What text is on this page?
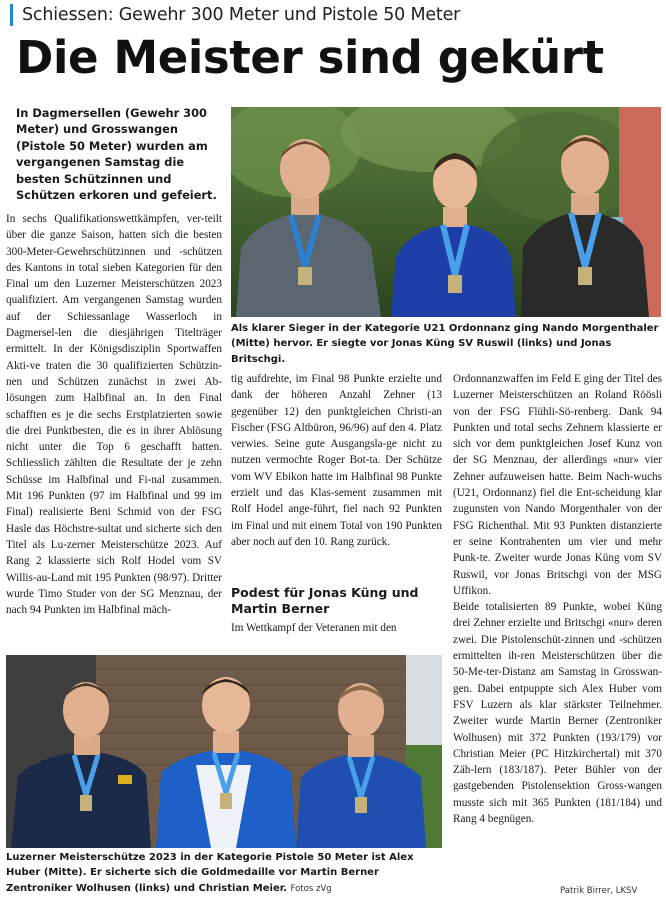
Schiessen: Gewehr 300 Meter und Pistole 50 Meter
Die Meister sind gekürt
In Dagmersellen (Gewehr 300 Meter) und Grosswangen (Pistole 50 Meter) wurden am vergangenen Samstag die besten Schützinnen und Schützen erkoren und gefeiert.
Als klarer Sieger in der Kategorie U21 Ordonnanz ging Nando Morgenthaler (Mitte) hervor. Er siegte vor Jonas Küng SV Ruswil (links) und Jonas Britschgi.

In sechs Qualifikationswettkämpfen, ver-teilt über die ganze Saison, hatten sich die besten 300-Meter-Gewehrschützinnen und -schützen des Kantons in total sieben Kategorien für den Final um den Luzerner Meisterschützen 2023 qualifiziert. Am vergangenen Samstag wurden auf der Schiessanlage Wasserloch in Dagmersel-len die diesjährigen Titelträger ermittelt. In der Königsdisziplin Sportwaffen Akti-ve traten die 30 qualifizierten Schützin-nen und Schützen zunächst in zwei Ab-lösungen zum Halbfinal an. In den Final schafften es je die sechs Erstplatzierten sowie die drei Punktbesten, die es in ihrer Ablösung nicht unter die Top 6 geschafft hatten. Schliesslich zählten die Resultate der je zehn Schüsse im Halbfinal und Fi-nal zusammen. Mit 196 Punkten (97 im Halbfinal und 99 im Final) realisierte Beni Schmid von der FSG Hasle das Höchstre-sultat und sicherte sich den Titel als Lu-zerner Meisterschütze 2023. Auf Rang 2 klassierte sich Rolf Hodel vom SV Willis-au-Land mit 195 Punkten (98/97). Dritter wurde Timo Studer von der SG Menznau, der nach 94 Punkten im Halbfinal mäch-

tig aufdrehte, im Final 98 Punkte erzielte und dank der höheren Anzahl Zehner (13 gegenüber 12) den punktgleichen Christi-an Fischer (FSG Altbüron, 96/96) auf den 4. Platz verwies. Seine gute Ausgangsla-ge nicht zu nutzen vermochte Roger Bot-ta. Der Schütze vom WV Ebikon hatte im Halbfinal 98 Punkte erzielt und das Klas-sement zusammen mit Rolf Hodel ange-führt, fiel nach 92 Punkten im Final und mit einem Total von 190 Punkten aber noch auf den 10. Rang zurück.

Podest für Jonas Küng und Martin Berner

Im Wettkampf der Veteranen mit den

Ordonnanzwaffen im Feld E ging der Titel des Luzerner Meisterschützen an Roland Röösli von der FSG Flühli-Sö-renberg. Dank 94 Punkten und total sechs Zehnern klassierte er sich vor dem punktgleichen Josef Kunz von der SG Menznau, der allerdings «nur» vier Zehner aufzuweisen hatte. Beim Nach-wuchs (U21, Ordonnanz) fiel die Ent-scheidung klar zugunsten von Nando Morgenthaler von der FSG Richenthal. Mit 93 Punkten distanzierte er seine Kontrahenten um vier und mehr Punk-te. Zweiter wurde Jonas Küng vom SV Ruswil, vor Jonas Britschgi von der MSG Uffikon.

Beide totalisierten 89 Punkte, wobei Küng drei Zehner erzielte und Britschgi «nur» deren zwei. Die Pistolenschüt-zinnen und -schützen ermittelten ih-ren Meisterschützen über die 50-Me-ter-Distanz am Samstag in Grosswan-gen. Dabei entpuppte sich Alex Huber vom FSV Luzern als klar stärkster Teilnehmer. Zweiter wurde Martin Berner (Zentroniker Wolhusen) mit 372 Punkten (193/179) vor Christian Meier (PC Hitzkirchertal) mit 370 Zäh-lern (183/187). Peter Bühler von der gastgebenden Pistolensektion Gross-wangen musste sich mit 365 Punkten (181/184) und Rang 4 begnügen.

Luzerner Meisterschütze 2023 in der Kategorie Pistole 50 Meter ist Alex Huber (Mitte). Er sicherte sich die Goldmedaille vor Martin Berner Zentroniker Wolhusen (links) und Christian Meier. Fotos zVg	Patrik Birrer, LKSV
